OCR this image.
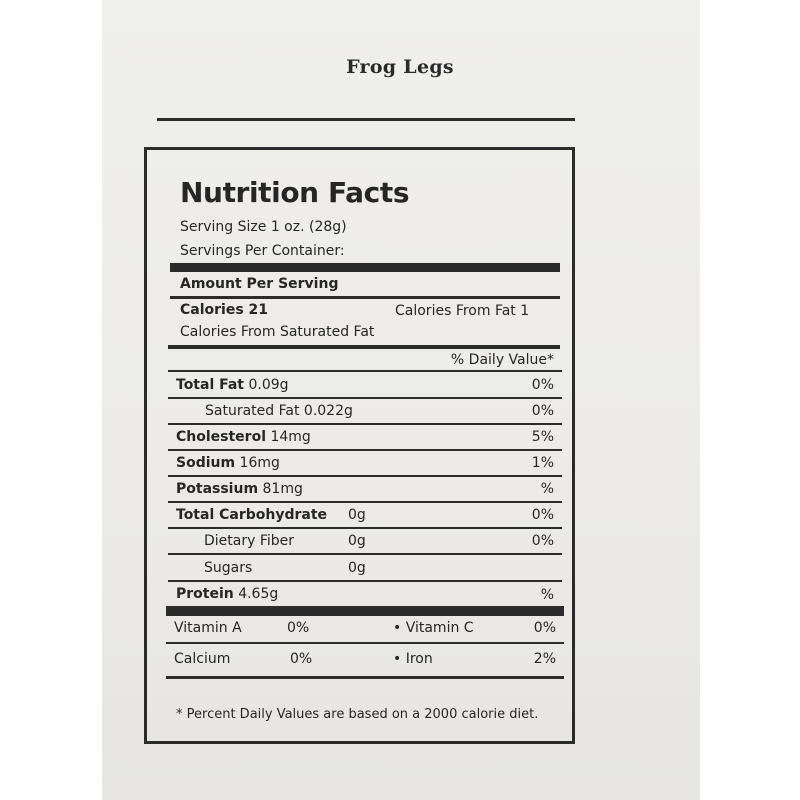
Frog Legs
Nutrition Facts
Serving Size 1 oz. (28g)
Servings Per Container:
Amount Per Serving
Calories 21	Calories From Fat 1
Calories From Saturated Fat
% Daily Value*
Total Fat 0.09g	0%
Saturated Fat 0.022g	0%
Cholesterol 14mg	5%
Sodium 16mg	1%
Potassium 81mg	%
Total Carbohydrate 0g	0%
Dietary Fiber	0g	0%
Sugars	0g
Protein 4.65g	%
Vitamin A	0%	• Vitamin C	0%
Calcium	0%	• Iron	2%
* Percent Daily Values are based on a 2000 calorie diet.
